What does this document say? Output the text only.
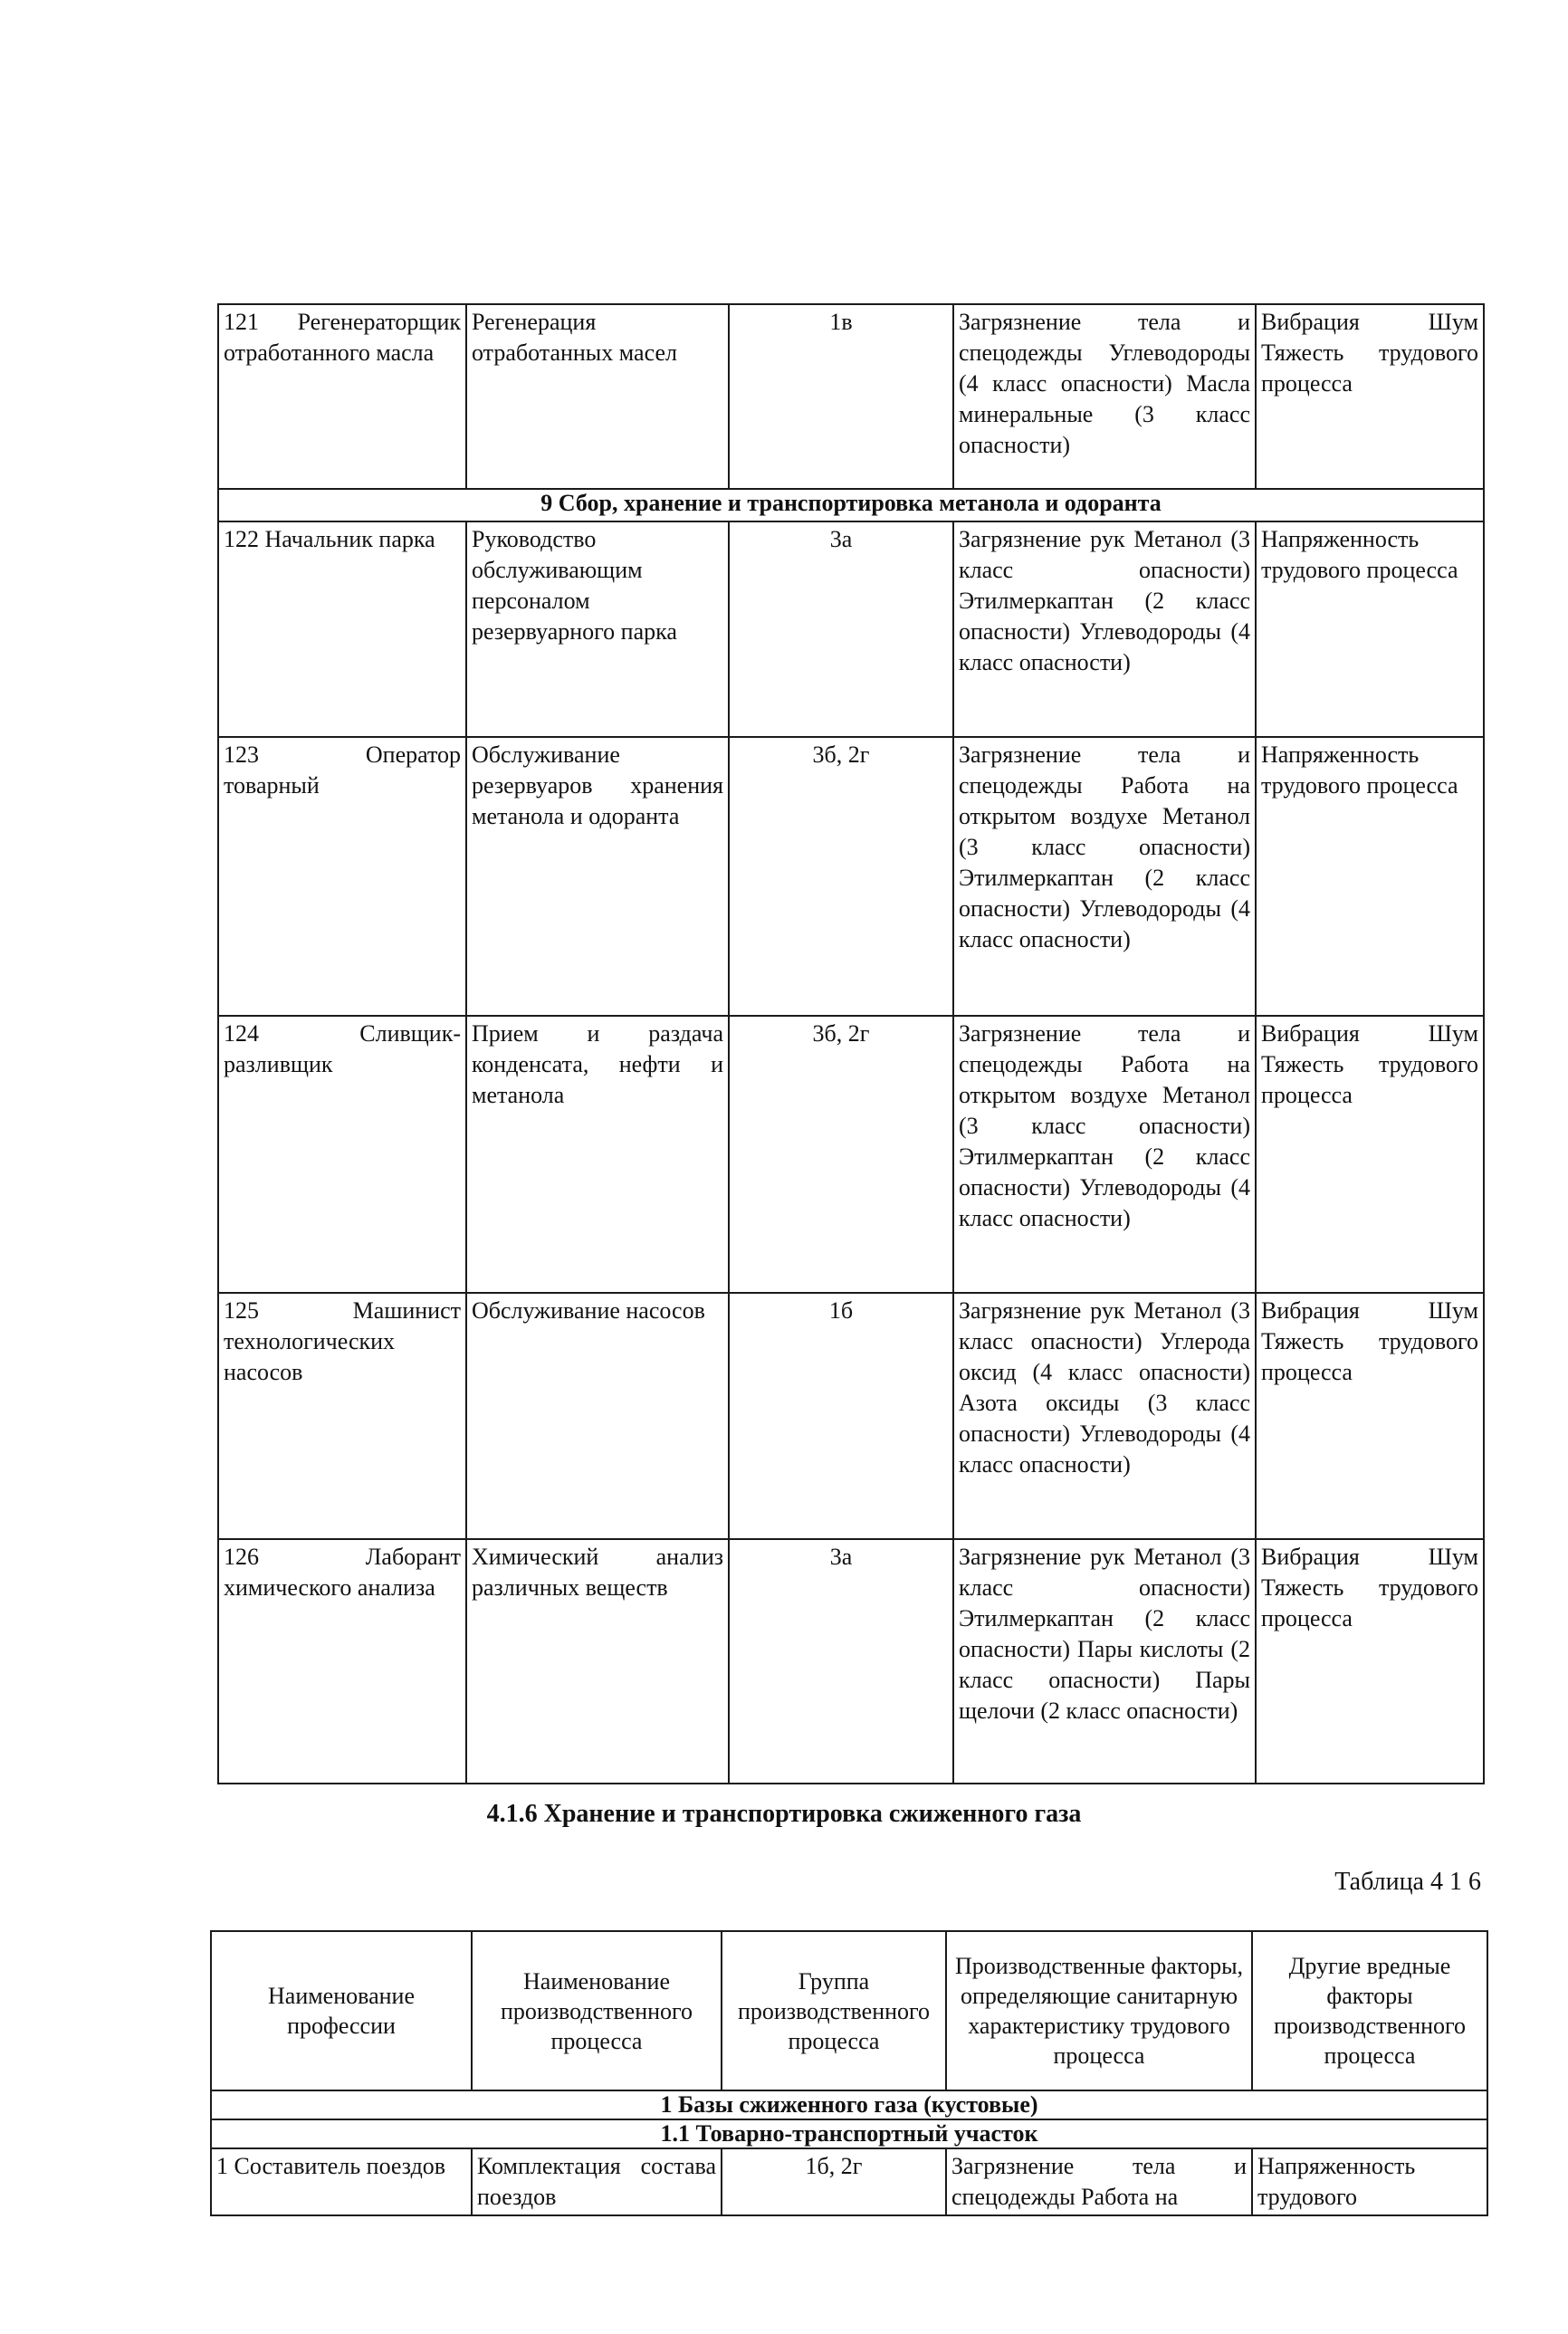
121 Регенераторщик отработанного масла	Регенерация отработанных масел	1в	Загрязнение тела и спецодежды Углеводороды (4 класс опасности) Масла минеральные (3 класс опасности)	Вибрация Шум Тяжесть трудового процесса
9 Сбор, хранение и транспортировка метанола и одоранта				
122 Начальник парка	Руководство обслуживающим персоналом резервуарного парка	3а	Загрязнение рук Метанол (3 класс опасности) Этилмеркаптан (2 класс опасности) Углеводороды (4 класс опасности)	Напряженность трудового процесса
123 Оператор товарный	Обслуживание резервуаров хранения метанола и одоранта	3б, 2г	Загрязнение тела и спецодежды Работа на открытом воздухе Метанол (3 класс опасности) Этилмеркаптан (2 класс опасности) Углеводороды (4 класс опасности)	Напряженность трудового процесса
124 Сливщик-разливщик	Прием и раздача конденсата, нефти и метанола	3б, 2г	Загрязнение тела и спецодежды Работа на открытом воздухе Метанол (3 класс опасности) Этилмеркаптан (2 класс опасности) Углеводороды (4 класс опасности)	Вибрация Шум Тяжесть трудового процесса
125 Машинист технологических насосов	Обслуживание насосов	1б	Загрязнение рук Метанол (3 класс опасности) Углерода оксид (4 класс опасности) Азота оксиды (3 класс опасности) Углеводороды (4 класс опасности)	Вибрация Шум Тяжесть трудового процесса
126 Лаборант химического анализа	Химический анализ различных веществ	3а	Загрязнение рук Метанол (3 класс опасности) Этилмеркаптан (2 класс опасности) Пары кислоты (2 класс опасности) Пары щелочи (2 класс опасности)	Вибрация Шум Тяжесть трудового процесса
4.1.6 Хранение и транспортировка сжиженного газа
Таблица 4 1 6
Наименование профессии	Наименование производственного процесса	Группа производственного процесса	Производственные факторы, определяющие санитарную характеристику трудового процесса	Другие вредные факторы производственного процесса
1 Базы сжиженного газа (кустовые)				
1.1 Товарно-транспортный участок				
1 Составитель поездов	Комплектация состава поездов	1б, 2г	Загрязнение тела и спецодежды Работа на	Напряженность трудового
